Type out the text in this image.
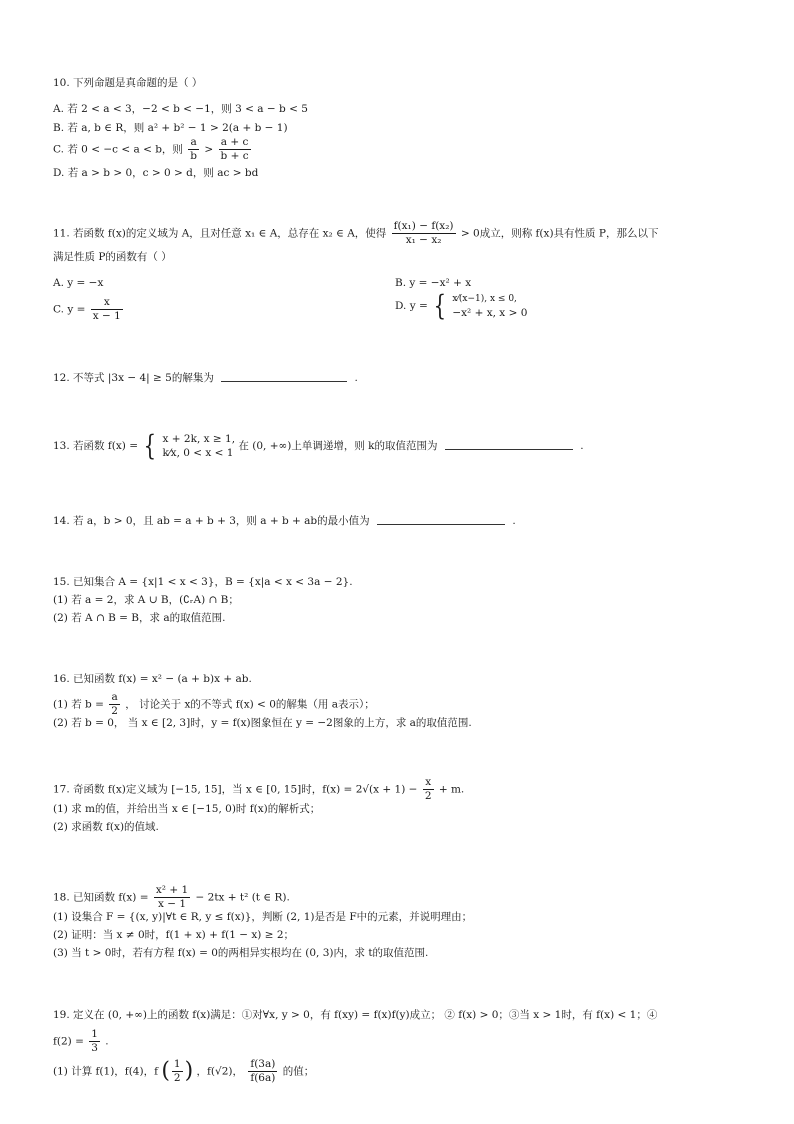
10. 下列命题是真命题的是（ ）
A. 若 2 < a < 3，−2 < b < −1，则 3 < a − b < 5
B. 若 a, b ∈ R，则 a² + b² − 1 > 2(a + b − 1)
C. 若 0 < −c < a < b，则 $\frac{a}{b} > \frac{a + c}{b + c}$
D. 若 a > b > 0，c > 0 > d，则 ac > bd
11. 若函数 f(x)的定义域为 A，且对任意 x₁ ∈ A，总存在 x₂ ∈ A，使得 $\frac{\text{f(x₁) − f(x₂)}}{\text{x₁ − x₂}} > 0$成立，则称 f(x)具有性质 P，那么以下
满足性质 P的函数有（ ）
A. y = −x	B. y = −x² + x
C. $y = \frac{x}{x - 1}$	D. y = { x⁄(x−1), x ≤ 0,
−x² + x, x > 0
12. 不等式 |3x − 4| ≥ 5的解集为	.
13. 若函数 f(x) = { x + 2k, x ≥ 1,
k⁄x, 0 < x < 1
在 (0, +∞)上单调递增，则 k的取值范围为	.
14. 若 a，b > 0，且 ab = a + b + 3，则 a + b + ab的最小值为	.
15. 已知集合 A = {x|1 < x < 3}，B = {x|a < x < 3a − 2}.
(1) 若 a = 2，求 A ∪ B，(∁ᵣA) ∩ B；
(2) 若 A ∩ B = B，求 a的取值范围.
16. 已知函数 f(x) = x² − (a + b)x + ab.
(1) 若 $b = \frac{a}{2}$ ， 讨论关于 x的不等式 f(x) < 0的解集（用 a表示）；
(2) 若 b = 0， 当 x ∈ [2, 3]时，y = f(x)图象恒在 y = −2图象的上方，求 a的取值范围.
17. 奇函数 f(x)定义域为 [−15, 15]，当 x ∈ [0, 15]时，$f(x) = 2√(x + 1) - \frac{x}{2} + m$.
(1) 求 m的值，并给出当 x ∈ [−15, 0)时 f(x)的解析式；
(2) 求函数 f(x)的值域.
18. 已知函数 $f(x) = \frac{\text{x² + 1}}{x - 1} - 2tx + t^2$ (t ∈ R).
(1) 设集合 F = {(x, y)|∀t ∈ R, y ≤ f(x)}，判断 (2, 1)是否是 F中的元素，并说明理由；
(2) 证明：当 x ≠ 0时，f(1 + x) + f(1 − x) ≥ 2；
(3) 当 t > 0时，若有方程 f(x) = 0的两相异实根均在 (0, 3)内，求 t的取值范围.
19. 定义在 (0, +∞)上的函数 f(x)满足：①对∀x, y > 0，有 f(xy) = f(x)f(y)成立； ② f(x) > 0；③当 x > 1时，有 f(x) < 1；④
$f(2) = \frac{1}{3}$ .
(1) 计算 f(1)，f(4)，f ( $\frac{1}{2}$ ) ，f(√2)， $\frac{f(3a)}{f(6a)}$ 的值；
